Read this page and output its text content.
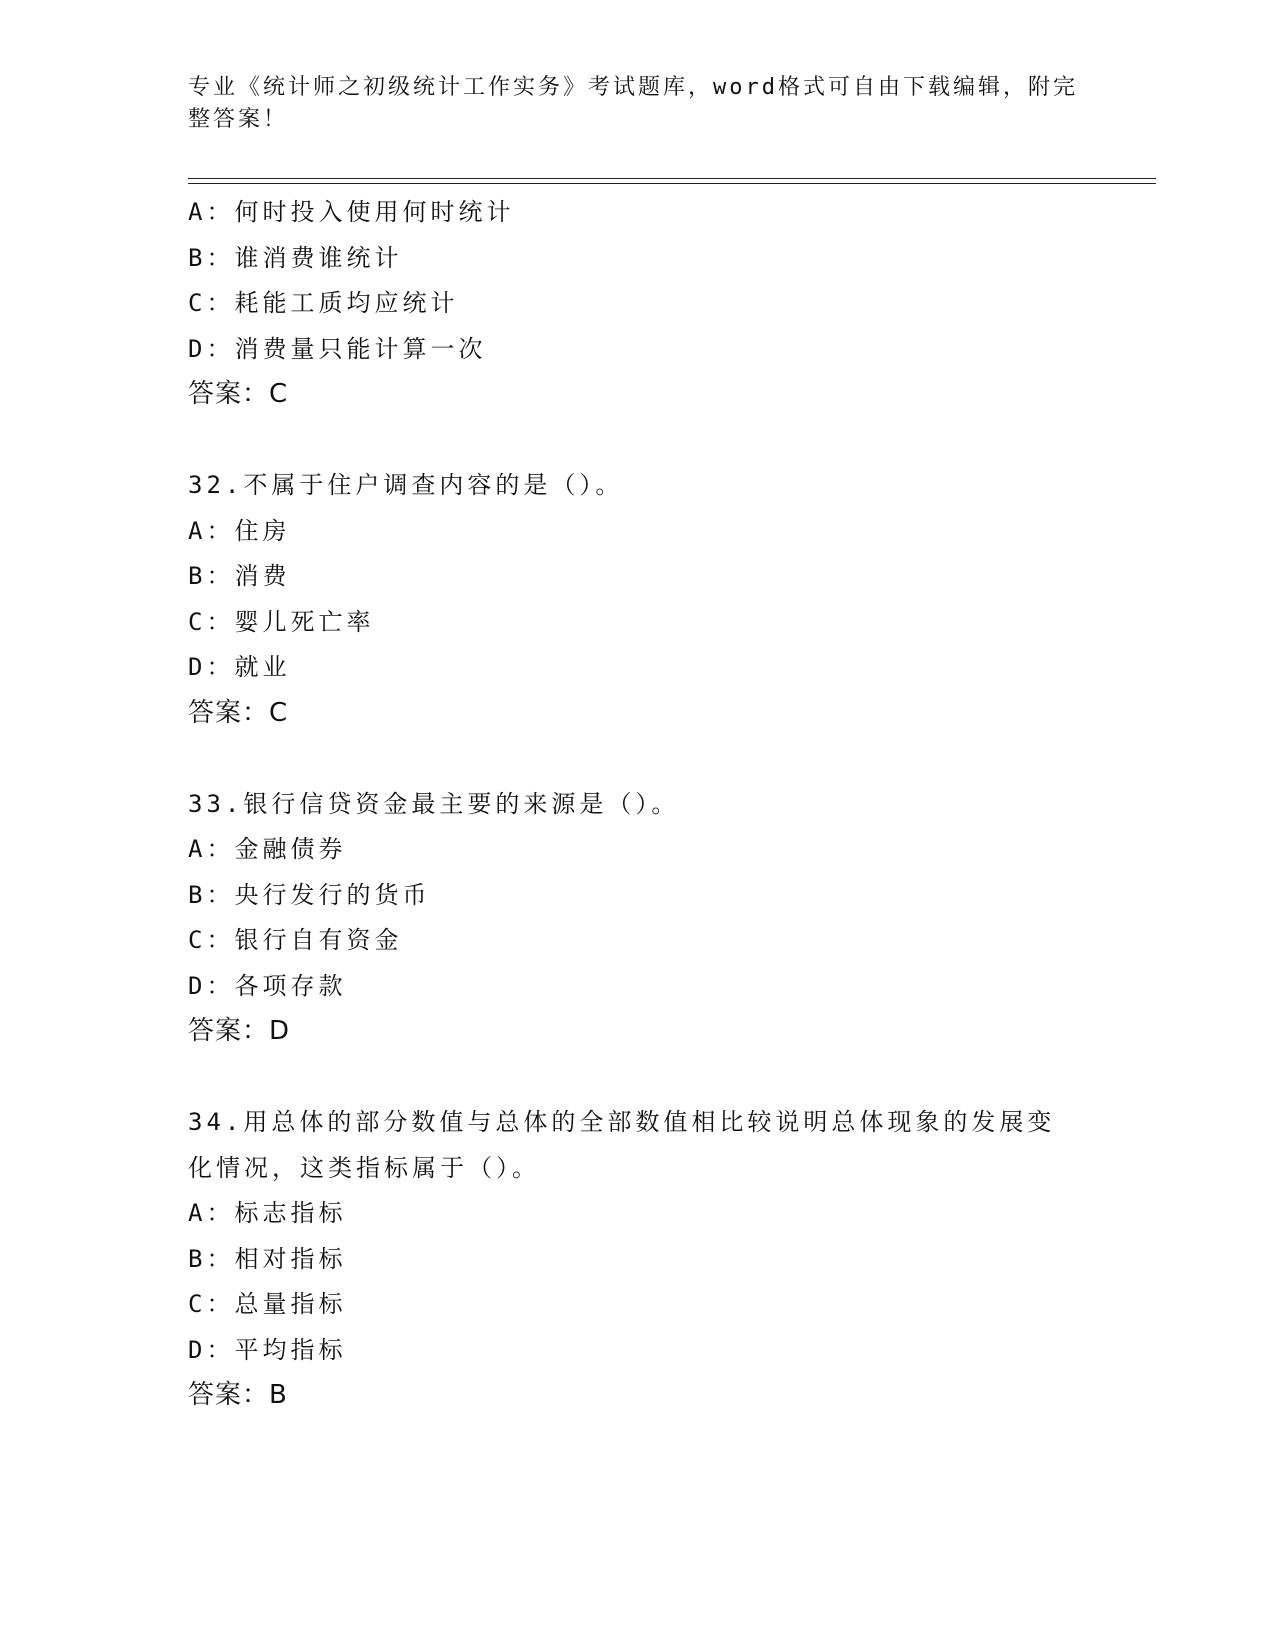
专业《统计师之初级统计工作实务》考试题库，word格式可自由下载编辑，附完整答案！
A：何时投入使用何时统计
B：谁消费谁统计
C：耗能工质均应统计
D：消费量只能计算一次
答案：C
32.不属于住户调查内容的是（）。
A：住房
B：消费
C：婴儿死亡率
D：就业
答案：C
33.银行信贷资金最主要的来源是（）。
A：金融债券
B：央行发行的货币
C：银行自有资金
D：各项存款
答案：D
34.用总体的部分数值与总体的全部数值相比较说明总体现象的发展变化情况，这类指标属于（）。
A：标志指标
B：相对指标
C：总量指标
D：平均指标
答案：B
